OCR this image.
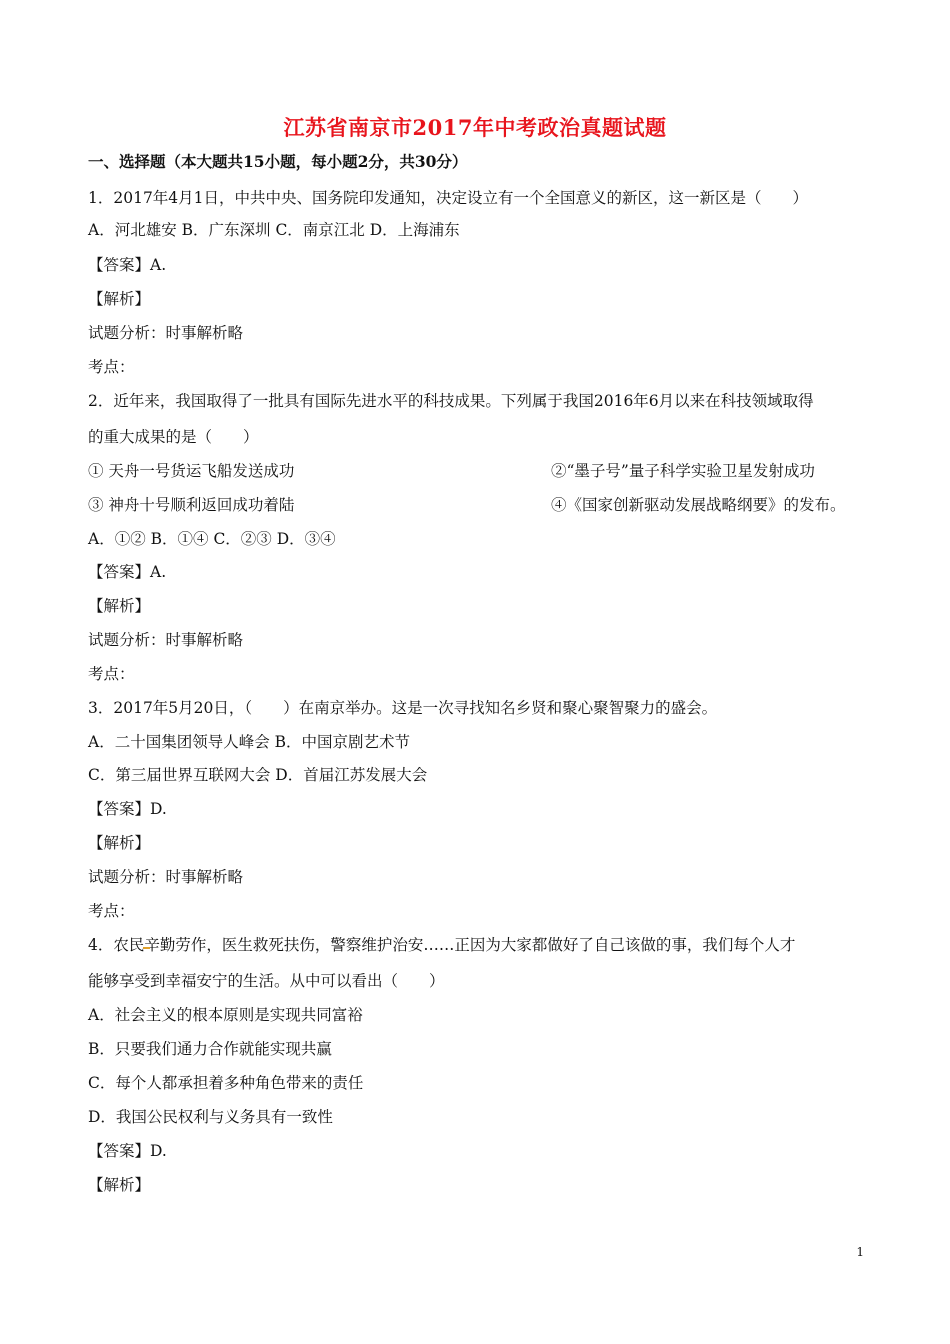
江苏省南京市2017年中考政治真题试题
一、选择题（本大题共15小题，每小题2分，共30分）
1．2017年4月1日，中共中央、国务院印发通知，决定设立有一个全国意义的新区，这一新区是（　　）
A．河北雄安 B．广东深圳 C．南京江北 D．上海浦东
【答案】A.
【解析】
试题分析：时事解析略
考点：
2．近年来，我国取得了一批具有国际先进水平的科技成果。下列属于我国2016年6月以来在科技领域取得
的重大成果的是（　　）
① 天舟一号货运飞船发送成功	②“墨子号”量子科学实验卫星发射成功
③ 神舟十号顺利返回成功着陆	④《国家创新驱动发展战略纲要》的发布。
A．①② B．①④ C．②③ D．③④
【答案】A.
【解析】
试题分析：时事解析略
考点：
3．2017年5月20日，（　　）在南京举办。这是一次寻找知名乡贤和聚心聚智聚力的盛会。
A．二十国集团领导人峰会 B．中国京剧艺术节
C．第三届世界互联网大会 D．首届江苏发展大会
【答案】D.
【解析】
试题分析：时事解析略
考点：
4．农民辛勤劳作，医生救死扶伤，警察维护治安……正因为大家都做好了自己该做的事，我们每个人才
能够享受到幸福安宁的生活。从中可以看出（　　）
A．社会主义的根本原则是实现共同富裕
B．只要我们通力合作就能实现共赢
C．每个人都承担着多种角色带来的责任
D．我国公民权利与义务具有一致性
【答案】D.
【解析】
1
